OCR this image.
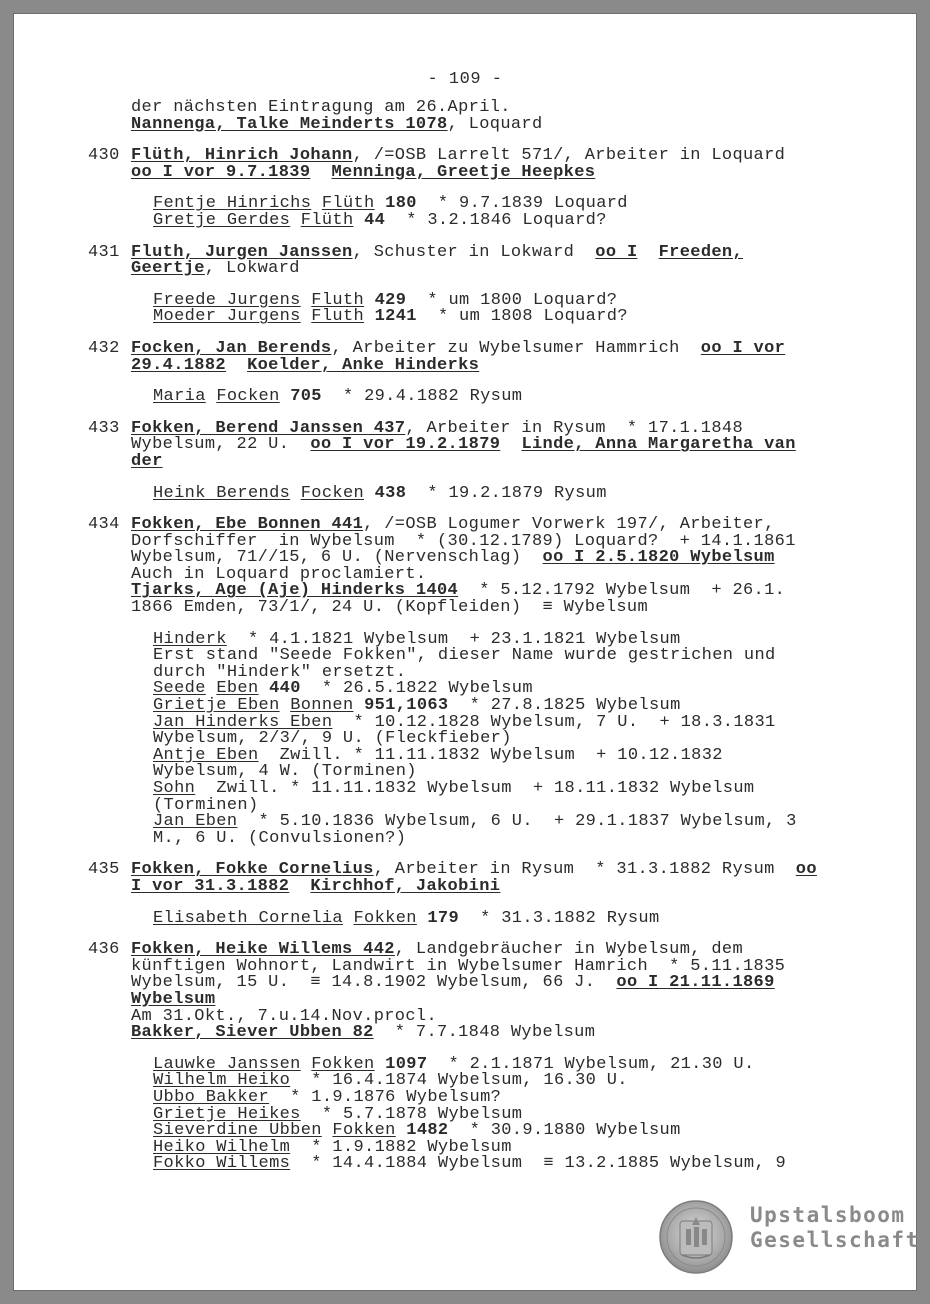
- 109 -
der nächsten Eintragung am 26.April.
Nannenga, Talke Meinderts 1078, Loquard
430 Flüth, Hinrich Johann, /=OSB Larrelt 571/, Arbeiter in Loquard
oo I vor 9.7.1839 Menninga, Greetje Heepkes
Fentje Hinrichs Flüth 180  * 9.7.1839 Loquard
Gretje Gerdes Flüth 44  * 3.2.1846 Loquard?
431 Fluth, Jurgen Janssen, Schuster in Lokward  oo I Freeden,
Geertje, Lokward
Freede Jurgens Fluth 429  * um 1800 Loquard?
Moeder Jurgens Fluth 1241  * um 1808 Loquard?
432 Focken, Jan Berends, Arbeiter zu Wybelsumer Hammrich  oo I vor
29.4.1882 Koelder, Anke Hinderks
Maria Focken 705  * 29.4.1882 Rysum
433 Fokken, Berend Janssen 437, Arbeiter in Rysum  * 17.1.1848
Wybelsum, 22 U.  oo I vor 19.2.1879 Linde, Anna Margaretha van
der
Heink Berends Focken 438  * 19.2.1879 Rysum
434 Fokken, Ebe Bonnen 441, /=OSB Logumer Vorwerk 197/, Arbeiter,
Dorfschiffer  in Wybelsum  * (30.12.1789) Loquard?  + 14.1.1861
Wybelsum, 71//15, 6 U. (Nervenschlag)  oo I 2.5.1820 Wybelsum
Auch in Loquard proclamiert.
Tjarks, Age (Aje) Hinderks 1404  * 5.12.1792 Wybelsum  + 26.1.
1866 Emden, 73/1/, 24 U. (Kopfleiden)  ≡ Wybelsum
Hinderk  * 4.1.1821 Wybelsum  + 23.1.1821 Wybelsum
Erst stand "Seede Fokken", dieser Name wurde gestrichen und
durch "Hinderk" ersetzt.
Seede Eben 440  * 26.5.1822 Wybelsum
Grietje Eben Bonnen 951,1063  * 27.8.1825 Wybelsum
Jan Hinderks Eben  * 10.12.1828 Wybelsum, 7 U.  + 18.3.1831
Wybelsum, 2/3/, 9 U. (Fleckfieber)
Antje Eben  Zwill. * 11.11.1832 Wybelsum  + 10.12.1832
Wybelsum, 4 W. (Torminen)
Sohn  Zwill. * 11.11.1832 Wybelsum  + 18.11.1832 Wybelsum
(Torminen)
Jan Eben  * 5.10.1836 Wybelsum, 6 U.  + 29.1.1837 Wybelsum, 3
M., 6 U. (Convulsionen?)
435 Fokken, Fokke Cornelius, Arbeiter in Rysum  * 31.3.1882 Rysum  oo
I vor 31.3.1882 Kirchhof, Jakobini
Elisabeth Cornelia Fokken 179  * 31.3.1882 Rysum
436 Fokken, Heike Willems 442, Landgebräucher in Wybelsum, dem
künftigen Wohnort, Landwirt in Wybelsumer Hamrich  * 5.11.1835
Wybelsum, 15 U.  ≡ 14.8.1902 Wybelsum, 66 J.  oo I 21.11.1869
Wybelsum
Am 31.Okt., 7.u.14.Nov.procl.
Bakker, Siever Ubben 82  * 7.7.1848 Wybelsum
Lauwke Janssen Fokken 1097  * 2.1.1871 Wybelsum, 21.30 U.
Wilhelm Heiko  * 16.4.1874 Wybelsum, 16.30 U.
Ubbo Bakker  * 1.9.1876 Wybelsum?
Grietje Heikes  * 5.7.1878 Wybelsum
Sieverdine Ubben Fokken 1482  * 30.9.1880 Wybelsum
Heiko Wilhelm  * 1.9.1882 Wybelsum
Fokko Willems  * 14.4.1884 Wybelsum  ≡ 13.2.1885 Wybelsum, 9
Upstalsboom
Gesellschaft
